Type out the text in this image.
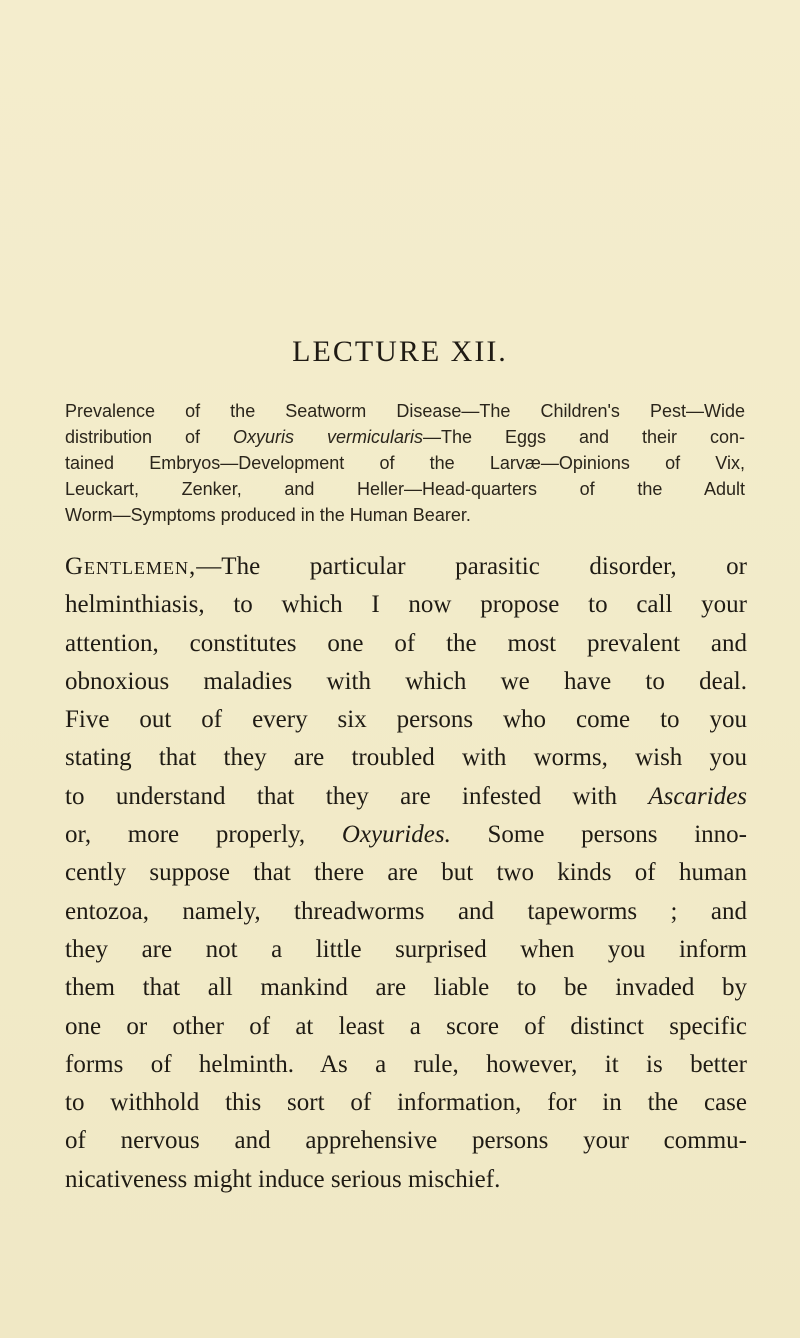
LECTURE XII.
Prevalence of the Seatworm Disease—The Children's Pest—Wide
distribution of Oxyuris vermicularis—The Eggs and their con-
tained Embryos—Development of the Larvæ—Opinions of Vix,
Leuckart, Zenker, and Heller—Head-quarters of the Adult
Worm—Symptoms produced in the Human Bearer.
Gentlemen,—The particular parasitic disorder, or
helminthiasis, to which I now propose to call your
attention, constitutes one of the most prevalent and
obnoxious maladies with which we have to deal.
Five out of every six persons who come to you
stating that they are troubled with worms, wish you
to understand that they are infested with Ascarides
or, more properly, Oxyurides. Some persons inno-
cently suppose that there are but two kinds of human
entozoa, namely, threadworms and tapeworms ; and
they are not a little surprised when you inform
them that all mankind are liable to be invaded by
one or other of at least a score of distinct specific
forms of helminth. As a rule, however, it is better
to withhold this sort of information, for in the case
of nervous and apprehensive persons your commu-
nicativeness might induce serious mischief.
